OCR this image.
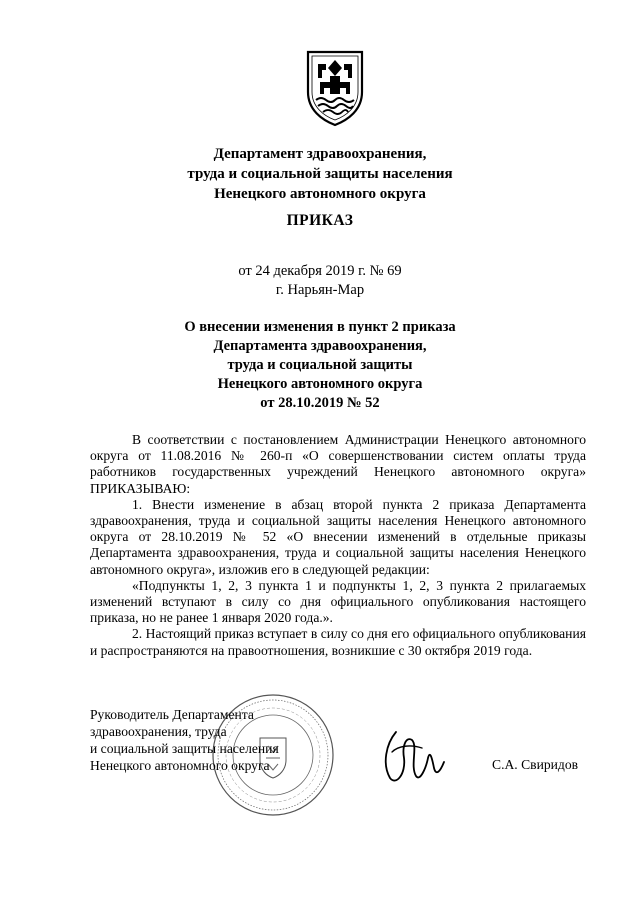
Департамент здравоохранения,
труда и социальной защиты населения
Ненецкого автономного округа
ПРИКАЗ
от 24 декабря 2019 г. № 69
г. Нарьян-Мар
О внесении изменения в пункт 2 приказа
Департамента здравоохранения,
труда и социальной защиты
Ненецкого автономного округа
от 28.10.2019 № 52

В соответствии с постановлением Администрации Ненецкого автономного округа от 11.08.2016 № 260-п «О совершенствовании систем оплаты труда работников государственных учреждений Ненецкого автономного округа» ПРИКАЗЫВАЮ:

1. Внести изменение в абзац второй пункта 2 приказа Департамента здравоохранения, труда и социальной защиты населения Ненецкого автономного округа от 28.10.2019 № 52 «О внесении изменений в отдельные приказы Департамента здравоохранения, труда и социальной защиты населения Ненецкого автономного округа», изложив его в следующей редакции:

«Подпункты 1, 2, 3 пункта 1 и подпункты 1, 2, 3 пункта 2 прилагаемых изменений вступают в силу со дня официального опубликования настоящего приказа, но не ранее 1 января 2020 года.».

2. Настоящий приказ вступает в силу со дня его официального опубликования и распространяются на правоотношения, возникшие с 30 октября 2019 года.

Руководитель Департамента
здравоохранения, труда
и социальной защиты населения
Ненецкого автономного округа	С.А. Свиридов
